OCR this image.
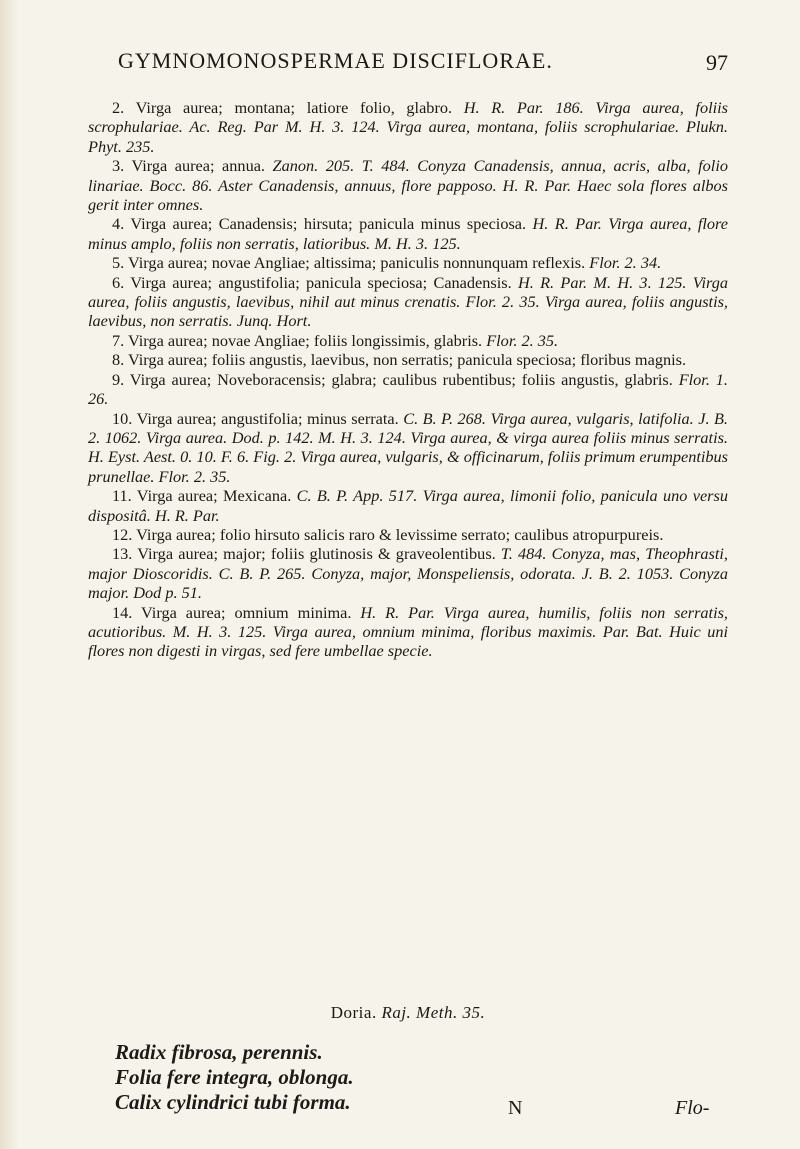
GYMNOMONOSPERMAE DISCIFLORAE.	97

2. Virga aurea; montana; latiore folio, glabro. H. R. Par. 186. Virga aurea, foliis scrophulariae. Ac. Reg. Par M. H. 3. 124. Virga aurea, montana, foliis scrophulariae. Plukn. Phyt. 235.

3. Virga aurea; annua. Zanon. 205. T. 484. Conyza Canadensis, annua, acris, alba, folio linariae. Bocc. 86. Aster Canadensis, annuus, flore papposo. H. R. Par. Haec sola flores albos gerit inter omnes.

4. Virga aurea; Canadensis; hirsuta; panicula minus speciosa. H. R. Par. Virga aurea, flore minus amplo, foliis non serratis, latioribus. M. H. 3. 125.

5. Virga aurea; novae Angliae; altissima; paniculis nonnunquam reflexis. Flor. 2. 34.

6. Virga aurea; angustifolia; panicula speciosa; Canadensis. H. R. Par. M. H. 3. 125. Virga aurea, foliis angustis, laevibus, nihil aut minus crenatis. Flor. 2. 35. Virga aurea, foliis angustis, laevibus, non serratis. Junq. Hort.

7. Virga aurea; novae Angliae; foliis longissimis, glabris. Flor. 2. 35.

8. Virga aurea; foliis angustis, laevibus, non serratis; panicula speciosa; floribus magnis.

9. Virga aurea; Noveboracensis; glabra; caulibus rubentibus; foliis angustis, glabris. Flor. 1. 26.

10. Virga aurea; angustifolia; minus serrata. C. B. P. 268. Virga aurea, vulgaris, latifolia. J. B. 2. 1062. Virga aurea. Dod. p. 142. M. H. 3. 124. Virga aurea, & virga aurea foliis minus serratis. H. Eyst. Aest. 0. 10. F. 6. Fig. 2. Virga aurea, vulgaris, & officinarum, foliis primum erumpentibus prunellae. Flor. 2. 35.

11. Virga aurea; Mexicana. C. B. P. App. 517. Virga aurea, limonii folio, panicula uno versu dispositâ. H. R. Par.

12. Virga aurea; folio hirsuto salicis raro & levissime serrato; caulibus atropurpureis.

13. Virga aurea; major; foliis glutinosis & graveolentibus. T. 484. Conyza, mas, Theophrasti, major Dioscoridis. C. B. P. 265. Conyza, major, Monspeliensis, odorata. J. B. 2. 1053. Conyza major. Dod p. 51.

14. Virga aurea; omnium minima. H. R. Par. Virga aurea, humilis, foliis non serratis, acutioribus. M. H. 3. 125. Virga aurea, omnium minima, floribus maximis. Par. Bat. Huic uni flores non digesti in virgas, sed fere umbellae specie.

Doria. Raj. Meth. 35.

Radix fibrosa, perennis.

Folia fere integra, oblonga.

Calix cylindrici tubi forma.	N	Flo-
